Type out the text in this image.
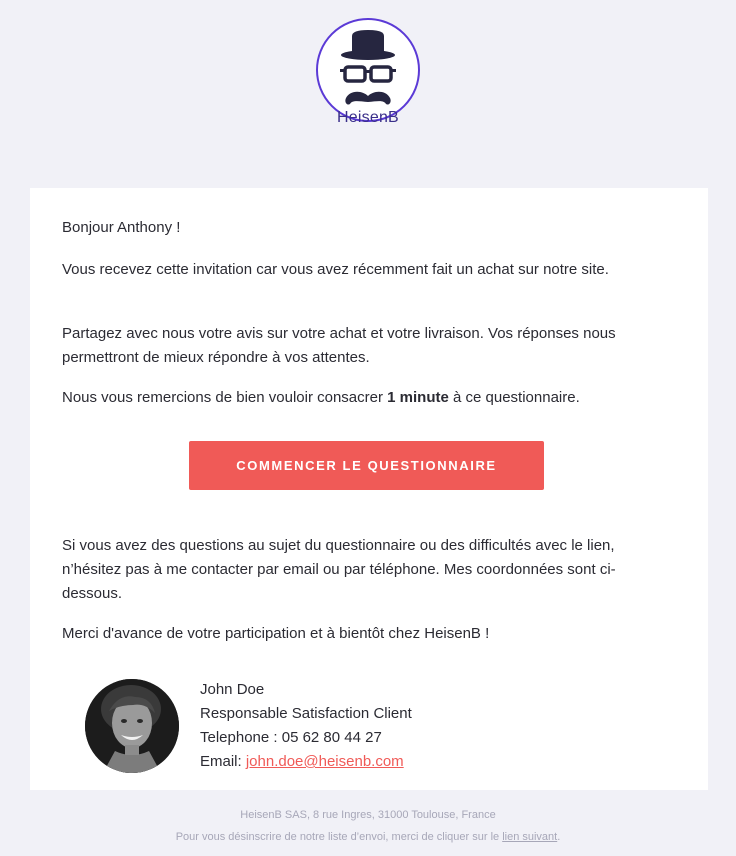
HeisenB

Bonjour Anthony !

Vous recevez cette invitation car vous avez récemment fait un achat sur notre site.

Partagez avec nous votre avis sur votre achat et votre livraison. Vos réponses nous permettront de mieux répondre à vos attentes.

Nous vous remercions de bien vouloir consacrer 1 minute à ce questionnaire.

COMMENCER LE QUESTIONNAIRE

Si vous avez des questions au sujet du questionnaire ou des difficultés avec le lien, n’hésitez pas à me contacter par email ou par téléphone. Mes coordonnées sont ci-dessous.

Merci d'avance de votre participation et à bientôt chez HeisenB !

John Doe
Responsable Satisfaction Client
Telephone : 05 62 80 44 27
Email: john.doe@heisenb.com
HeisenB SAS, 8 rue Ingres, 31000 Toulouse, France
Pour vous désinscrire de notre liste d’envoi, merci de cliquer sur le lien suivant.
